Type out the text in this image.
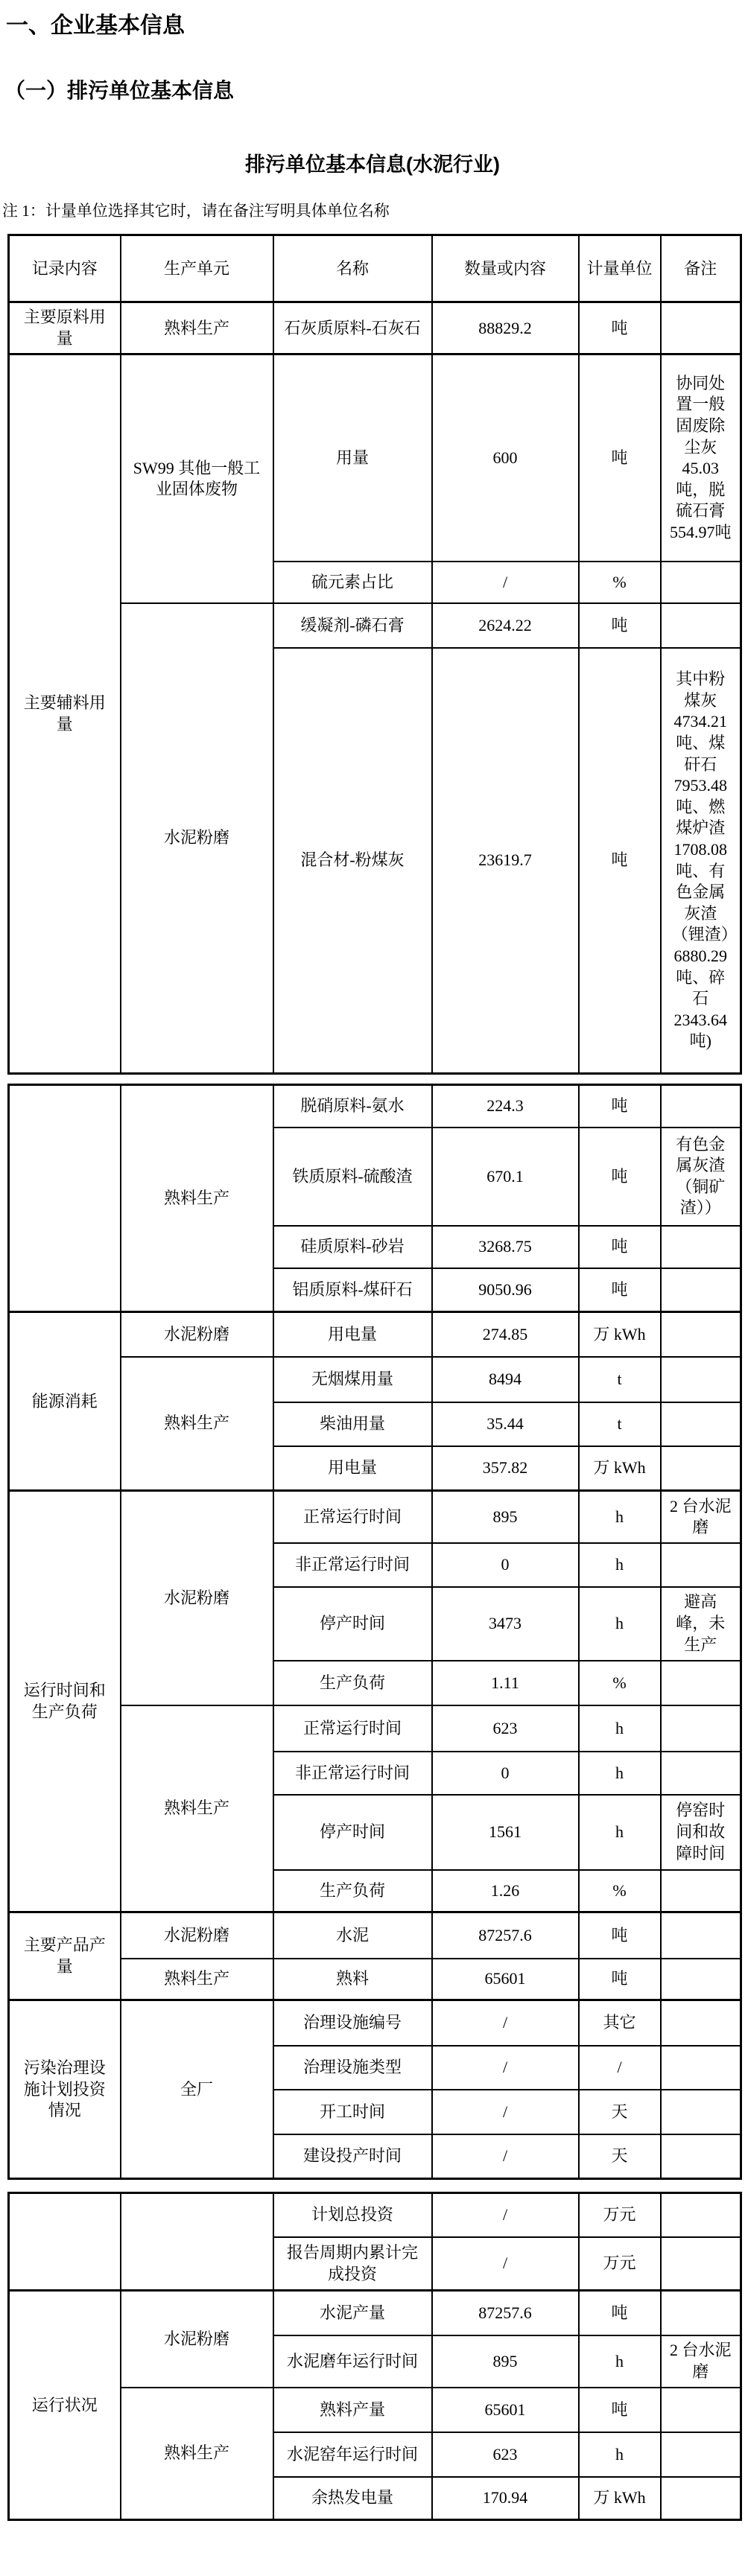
一、企业基本信息
（一）排污单位基本信息
排污单位基本信息(水泥行业)
注 1：计量单位选择其它时，请在备注写明具体单位名称
记录内容	生产单元	名称	数量或内容	计量单位	备注
主要原料用量	熟料生产	石灰质原料-石灰石	88829.2	吨	
主要辅料用量	SW99 其他一般工业固体废物	用量	600	吨	协同处置一般固废除尘灰45.03吨，脱硫石膏554.97吨
		硫元素占比	/	%	
	水泥粉磨	缓凝剂-磷石膏	2624.22	吨	
		混合材-粉煤灰	23619.7	吨	其中粉煤灰4734.21吨、煤矸石7953.48吨、燃煤炉渣1708.08吨、有色金属灰渣（锂渣）6880.29吨、碎石2343.64吨)
	熟料生产	脱硝原料-氨水	224.3	吨	
		铁质原料-硫酸渣	670.1	吨	有色金属灰渣（铜矿渣））
		硅质原料-砂岩	3268.75	吨	
		铝质原料-煤矸石	9050.96	吨	
能源消耗	水泥粉磨	用电量	274.85	万 kWh	
	熟料生产	无烟煤用量	8494	t	
		柴油用量	35.44	t	
		用电量	357.82	万 kWh	
运行时间和生产负荷	水泥粉磨	正常运行时间	895	h	2 台水泥磨
		非正常运行时间	0	h	
		停产时间	3473	h	避高峰，未生产
		生产负荷	1.11	%	
	熟料生产	正常运行时间	623	h	
		非正常运行时间	0	h	
		停产时间	1561	h	停窑时间和故障时间
		生产负荷	1.26	%	
主要产品产量	水泥粉磨	水泥	87257.6	吨	
	熟料生产	熟料	65601	吨	
污染治理设施计划投资情况	全厂	治理设施编号	/	其它	
		治理设施类型	/	/	
		开工时间	/	天	
		建设投产时间	/	天	
		计划总投资	/	万元	
		报告周期内累计完成投资	/	万元	
运行状况	水泥粉磨	水泥产量	87257.6	吨	
		水泥磨年运行时间	895	h	2 台水泥磨
	熟料生产	熟料产量	65601	吨	
		水泥窑年运行时间	623	h	
		余热发电量	170.94	万 kWh	
